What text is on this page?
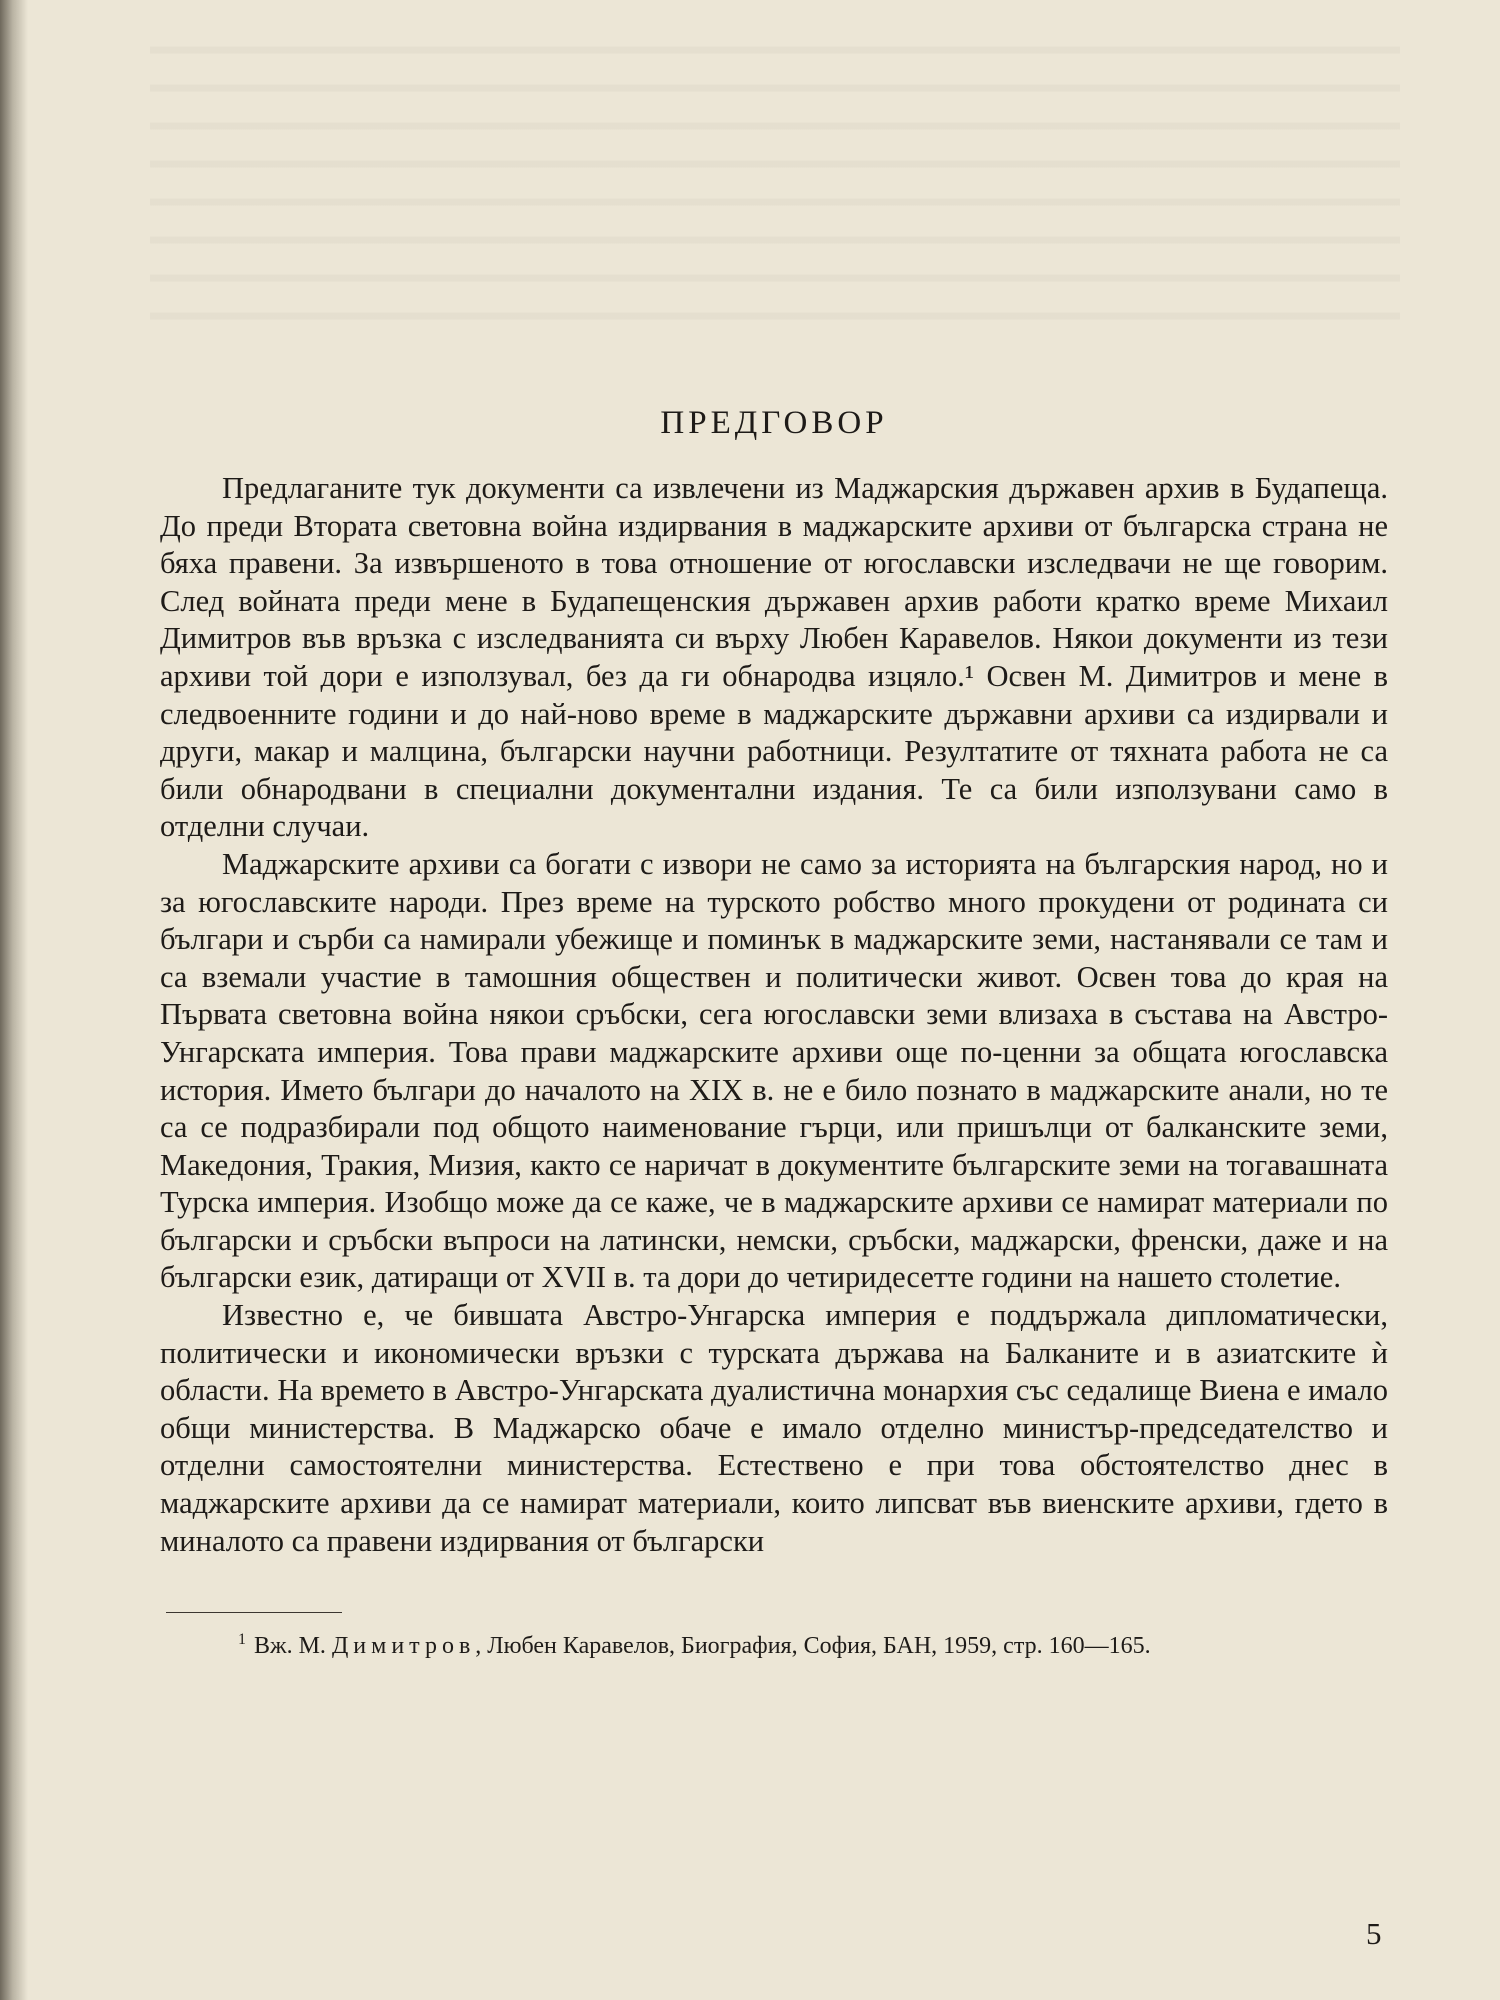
ПРЕДГОВОР

Предлаганите тук документи са извлечени из Маджарския държавен архив в Будапеща. До преди Втората световна война издирвания в маджарските архиви от българска страна не бяха правени. За извършеното в това отношение от югославски изследвачи не ще говорим. След войната преди мене в Будапещенския държавен архив работи кратко време Михаил Димитров във връзка с изследванията си върху Любен Каравелов. Някои документи из тези архиви той дори е използувал, без да ги обнародва изцяло.¹ Освен М. Димитров и мене в следвоенните години и до най-ново време в маджарските държавни архиви са издирвали и други, макар и малцина, български научни работници. Резултатите от тяхната работа не са били обнародвани в специални документални издания. Те са били използувани само в отделни случаи.

Маджарските архиви са богати с извори не само за историята на българския народ, но и за югославските народи. През време на турското робство много прокудени от родината си българи и сърби са намирали убежище и поминък в маджарските земи, настанявали се там и са вземали участие в тамошния обществен и политически живот. Освен това до края на Първата световна война някои сръбски, сега югославски земи влизаха в състава на Австро-Унгарската империя. Това прави маджарските архиви още по-ценни за общата югославска история. Името българи до началото на XIX в. не е било познато в маджарските анали, но те са се подразбирали под общото наименование гърци, или пришълци от балканските земи, Македония, Тракия, Мизия, както се наричат в документите българските земи на тогавашната Турска империя. Изобщо може да се каже, че в маджарските архиви се намират материали по български и сръбски въпроси на латински, немски, сръбски, маджарски, френски, даже и на български език, датиращи от XVII в. та дори до четиридесетте години на нашето столетие.

Известно е, че бившата Австро-Унгарска империя е поддържала дипломатически, политически и икономически връзки с турската държава на Балканите и в азиатските ѝ области. На времето в Австро-Унгарската дуалистична монархия със седалище Виена е имало общи министерства. В Маджарско обаче е имало отделно министър-председателство и отделни самостоятелни министерства. Естествено е при това обстоятелство днес в маджарските архиви да се намират материали, които липсват във виенските архиви, гдето в миналото са правени издирвания от български

$^1$ Вж. М. Димитров, Любен Каравелов, Биография, София, БАН, 1959, стр. 160—165.

5
